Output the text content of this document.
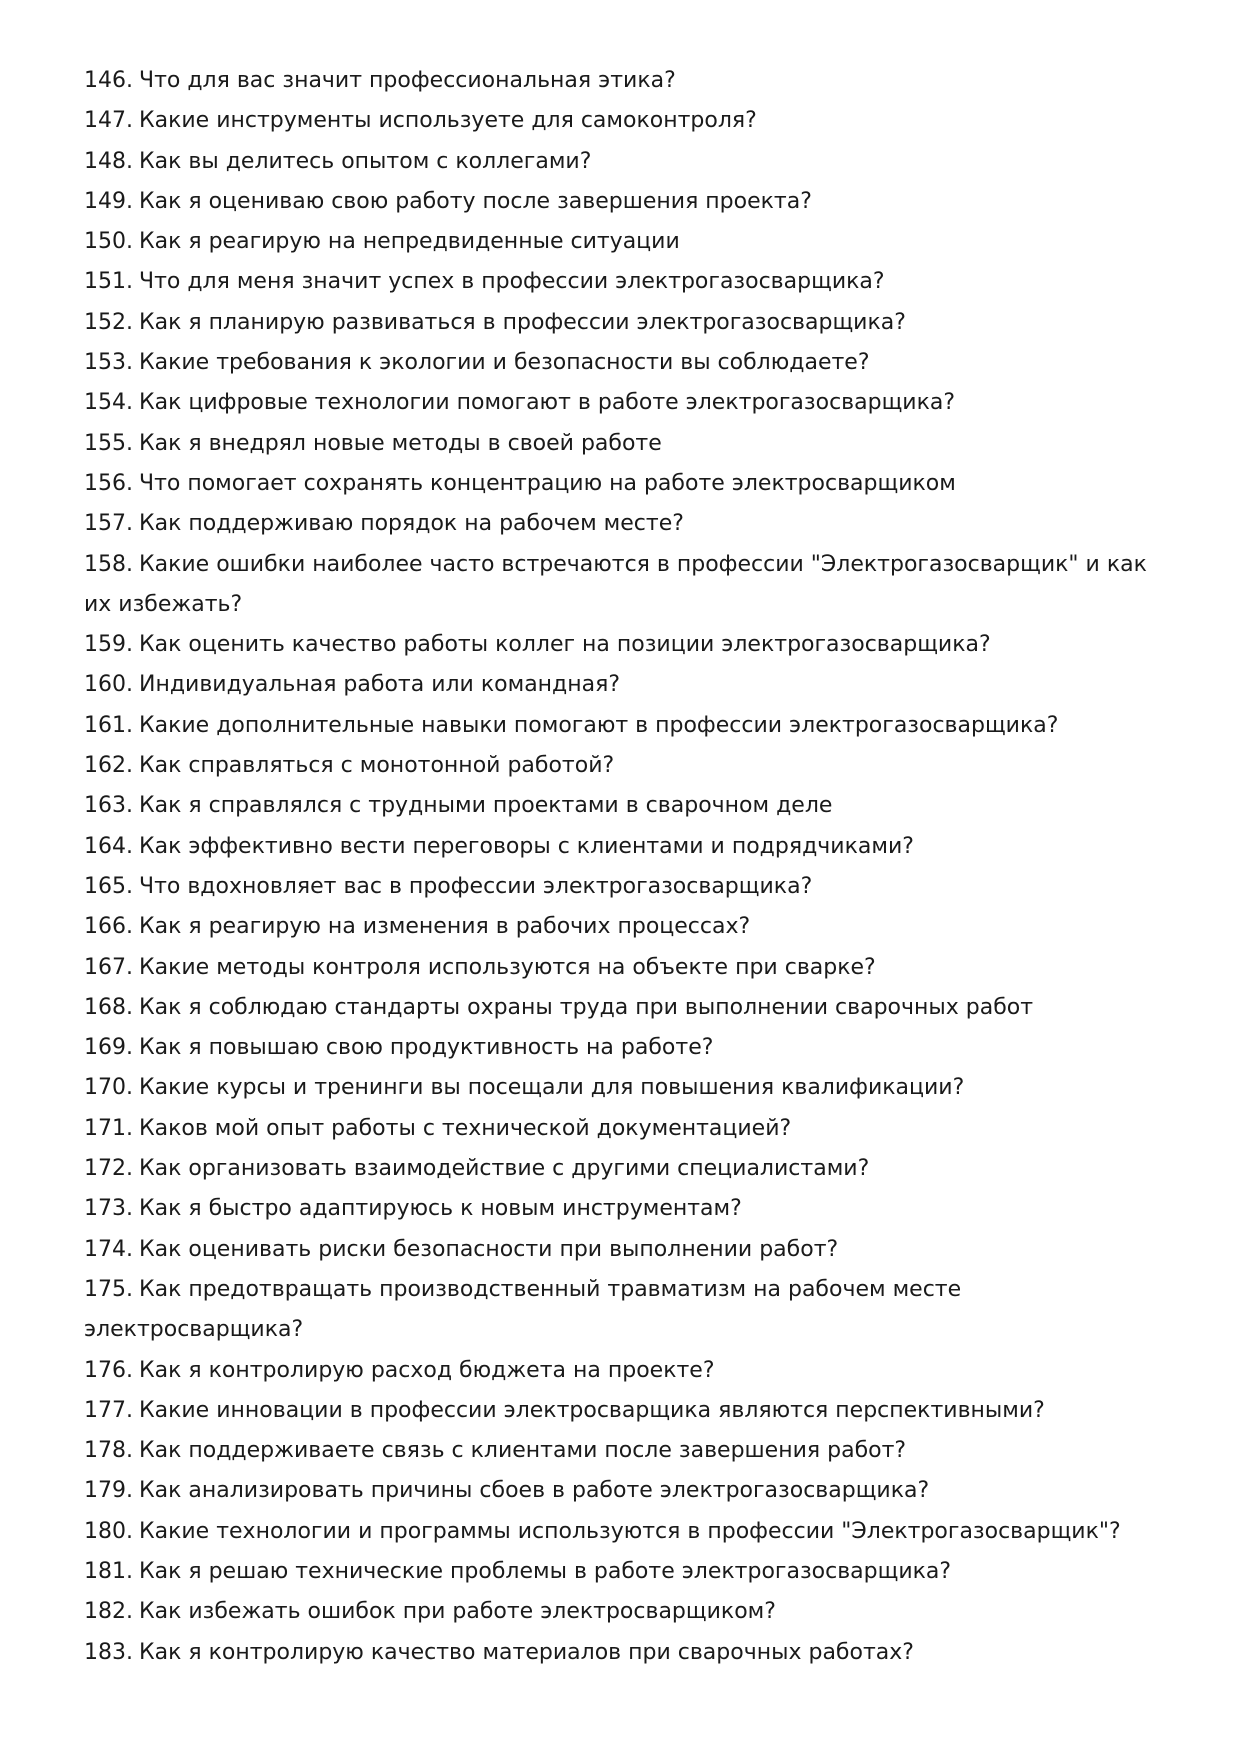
146. Что для вас значит профессиональная этика?
147. Какие инструменты используете для самоконтроля?
148. Как вы делитесь опытом с коллегами?
149. Как я оцениваю свою работу после завершения проекта?
150. Как я реагирую на непредвиденные ситуации
151. Что для меня значит успех в профессии электрогазосварщика?
152. Как я планирую развиваться в профессии электрогазосварщика?
153. Какие требования к экологии и безопасности вы соблюдаете?
154. Как цифровые технологии помогают в работе электрогазосварщика?
155. Как я внедрял новые методы в своей работе
156. Что помогает сохранять концентрацию на работе электросварщиком
157. Как поддерживаю порядок на рабочем месте?
158. Какие ошибки наиболее часто встречаются в профессии "Электрогазосварщик" и как их избежать?
159. Как оценить качество работы коллег на позиции электрогазосварщика?
160. Индивидуальная работа или командная?
161. Какие дополнительные навыки помогают в профессии электрогазосварщика?
162. Как справляться с монотонной работой?
163. Как я справлялся с трудными проектами в сварочном деле
164. Как эффективно вести переговоры с клиентами и подрядчиками?
165. Что вдохновляет вас в профессии электрогазосварщика?
166. Как я реагирую на изменения в рабочих процессах?
167. Какие методы контроля используются на объекте при сварке?
168. Как я соблюдаю стандарты охраны труда при выполнении сварочных работ
169. Как я повышаю свою продуктивность на работе?
170. Какие курсы и тренинги вы посещали для повышения квалификации?
171. Каков мой опыт работы с технической документацией?
172. Как организовать взаимодействие с другими специалистами?
173. Как я быстро адаптируюсь к новым инструментам?
174. Как оценивать риски безопасности при выполнении работ?
175. Как предотвращать производственный травматизм на рабочем месте электросварщика?
176. Как я контролирую расход бюджета на проекте?
177. Какие инновации в профессии электросварщика являются перспективными?
178. Как поддерживаете связь с клиентами после завершения работ?
179. Как анализировать причины сбоев в работе электрогазосварщика?
180. Какие технологии и программы используются в профессии "Электрогазосварщик"?
181. Как я решаю технические проблемы в работе электрогазосварщика?
182. Как избежать ошибок при работе электросварщиком?
183. Как я контролирую качество материалов при сварочных работах?
